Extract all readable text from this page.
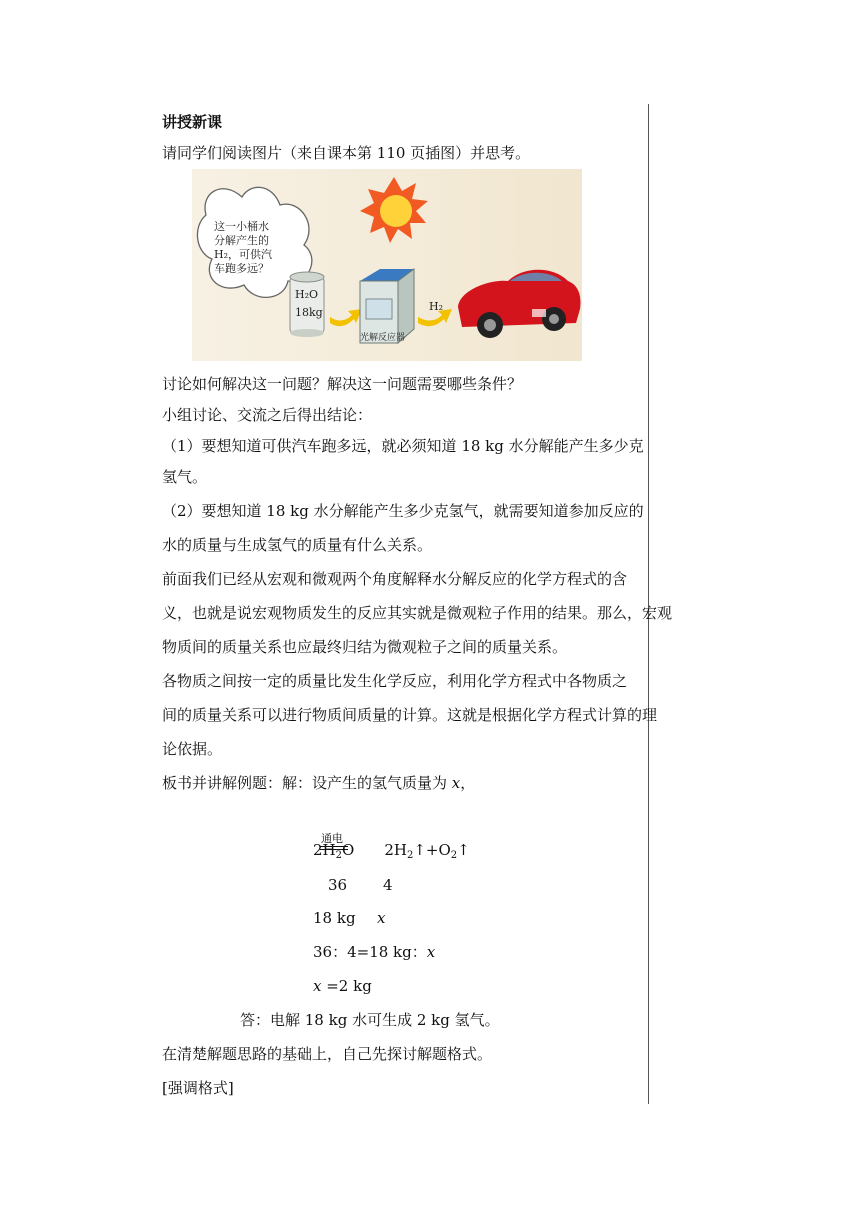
讲授新课
请同学们阅读图片（来自课本第 110 页插图）并思考。
这一小桶水
分解产生的
H₂，可供汽
车跑多远？
H₂O
18kg
光解反应器
H₂
讨论如何解决这一问题？解决这一问题需要哪些条件？
小组讨论、交流之后得出结论：
（1）要想知道可供汽车跑多远，就必须知道 18 kg 水分解能产生多少克
氢气。
（2）要想知道 18 kg 水分解能产生多少克氢气，就需要知道参加反应的
水的质量与生成氢气的质量有什么关系。
前面我们已经从宏观和微观两个角度解释水分解反应的化学方程式的含
义，也就是说宏观物质发生的反应其实就是微观粒子作用的结果。那么，宏观
物质间的质量关系也应最终归结为微观粒子之间的质量关系。
各物质之间按一定的质量比发生化学反应，利用化学方程式中各物质之
间的质量关系可以进行物质间质量的计算。这就是根据化学方程式计算的理
论依据。
板书并讲解例题：解：设产生的氢气质量为 x，
通电
$2H_2O$ $2H_2↑+O_2↑$
36 4
18 kg x
36：4=18 kg：x
x =2 kg
答：电解 18 kg 水可生成 2 kg 氢气。
在清楚解题思路的基础上，自己先探讨解题格式。
[强调格式]
